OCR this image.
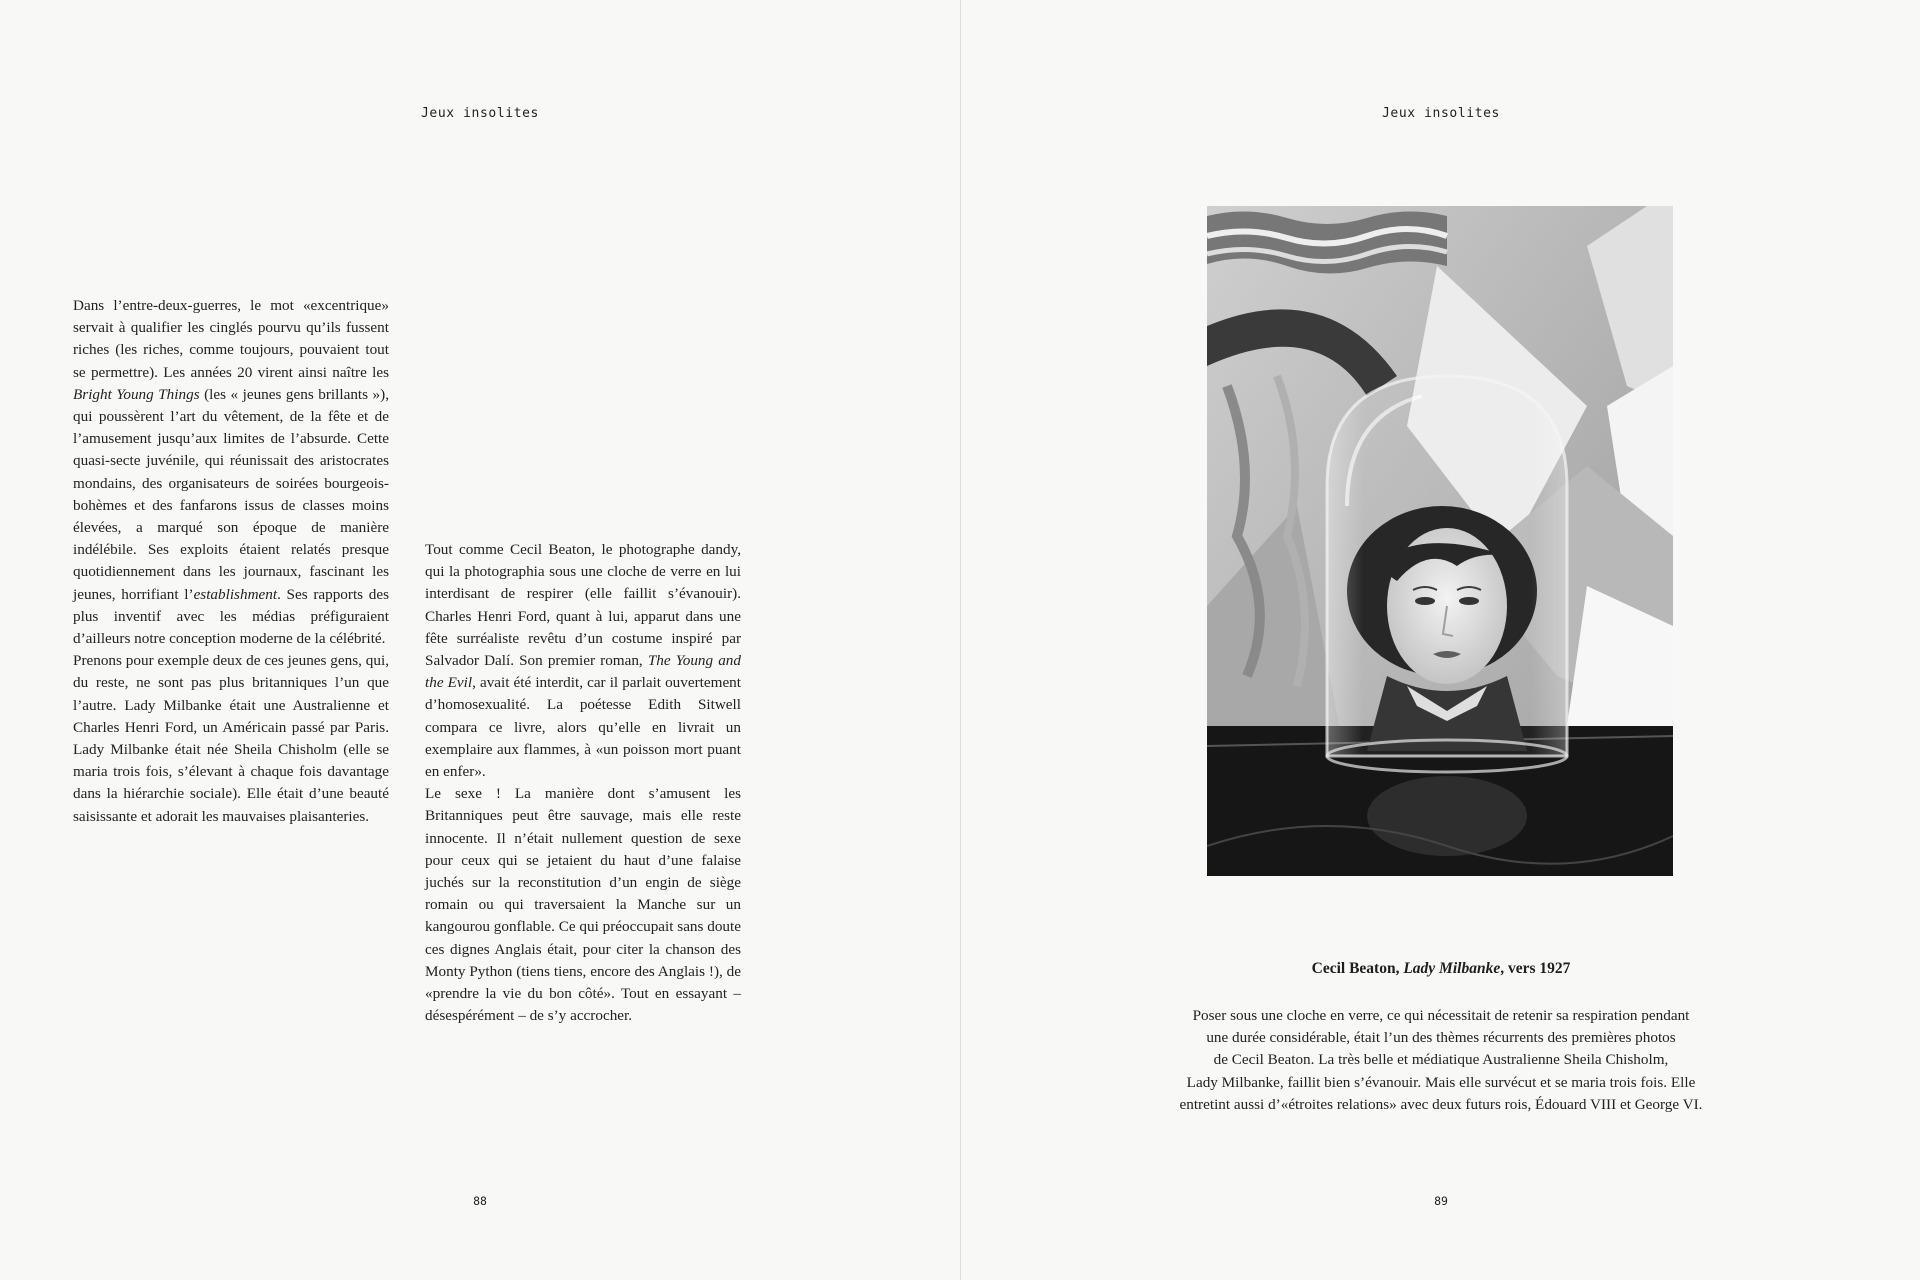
Jeux insolites

Dans l’entre-deux-guerres, le mot «excentrique» servait à qualifier les cinglés pourvu qu’ils fussent riches (les riches, comme toujours, pouvaient tout se permettre). Les années 20 virent ainsi naître les Bright Young Things (les « jeunes gens brillants »), qui poussèrent l’art du vêtement, de la fête et de l’amusement jusqu’aux limites de l’absurde. Cette quasi-secte juvénile, qui réunissait des aristocrates mondains, des organisateurs de soirées bourgeois-bohèmes et des fanfarons issus de classes moins élevées, a marqué son époque de manière indélébile. Ses exploits étaient relatés presque quotidiennement dans les journaux, fascinant les jeunes, horrifiant l’establishment. Ses rapports des plus inventif avec les médias préfiguraient d’ailleurs notre conception moderne de la célébrité.

Prenons pour exemple deux de ces jeunes gens, qui, du reste, ne sont pas plus britanniques l’un que l’autre. Lady Milbanke était une Australienne et Charles Henri Ford, un Américain passé par Paris. Lady Milbanke était née Sheila Chisholm (elle se maria trois fois, s’élevant à chaque fois davantage dans la hiérarchie sociale). Elle était d’une beauté saisissante et adorait les mauvaises plaisanteries.

Tout comme Cecil Beaton, le photographe dandy, qui la photographia sous une cloche de verre en lui interdisant de respirer (elle faillit s’évanouir). Charles Henri Ford, quant à lui, apparut dans une fête surréaliste revêtu d’un costume inspiré par Salvador Dalí. Son premier roman, The Young and the Evil, avait été interdit, car il parlait ouvertement d’homosexualité. La poétesse Edith Sitwell compara ce livre, alors qu’elle en livrait un exemplaire aux flammes, à «un poisson mort puant en enfer».

Le sexe ! La manière dont s’amusent les Britanniques peut être sauvage, mais elle reste innocente. Il n’était nullement question de sexe pour ceux qui se jetaient du haut d’une falaise juchés sur la reconstitution d’un engin de siège romain ou qui traversaient la Manche sur un kangourou gonflable. Ce qui préoccupait sans doute ces dignes Anglais était, pour citer la chanson des Monty Python (tiens tiens, encore des Anglais !), de «prendre la vie du bon côté». Tout en essayant – désespérément – de s’y accrocher.

88
Jeux insolites
Cecil Beaton, Lady Milbanke, vers 1927
Poser sous une cloche en verre, ce qui nécessitait de retenir sa respiration pendant
une durée considérable, était l’un des thèmes récurrents des premières photos
de Cecil Beaton. La très belle et médiatique Australienne Sheila Chisholm,
Lady Milbanke, faillit bien s’évanouir. Mais elle survécut et se maria trois fois. Elle
entretint aussi d’«étroites relations» avec deux futurs rois, Édouard VIII et George VI.
89
